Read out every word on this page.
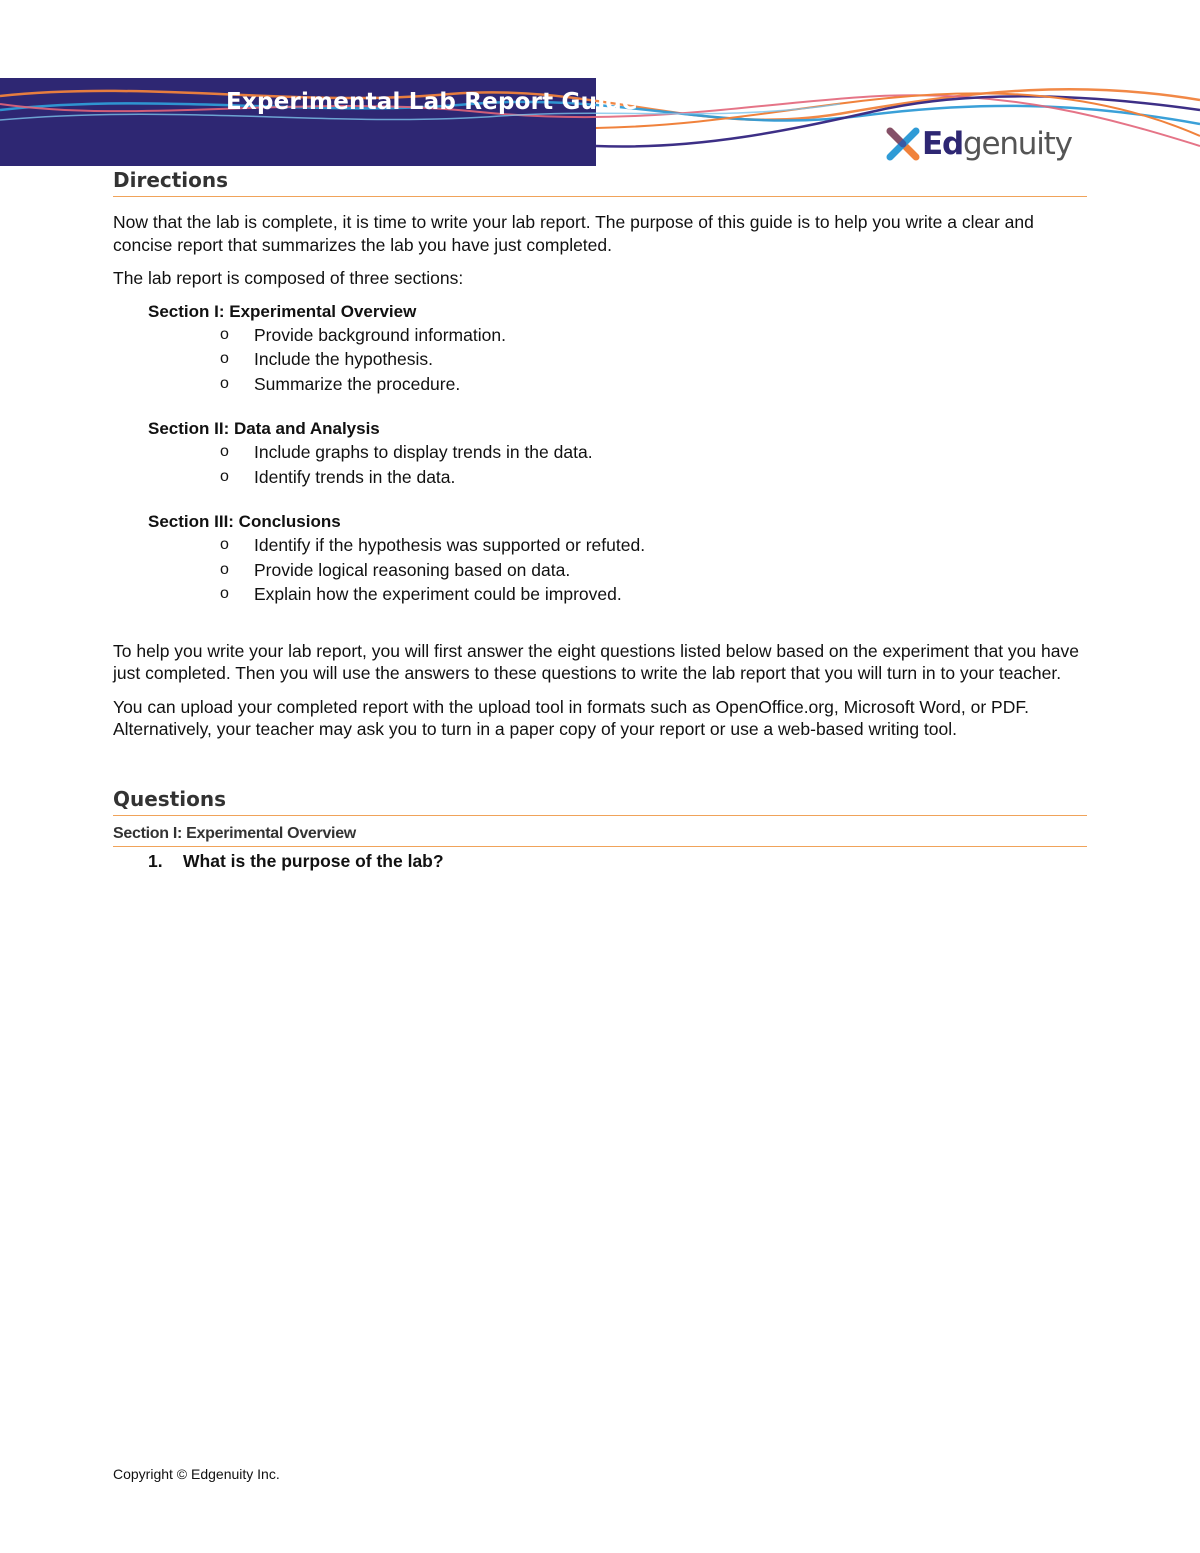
Experimental Lab Report Guide
Edgenuity
Directions

Now that the lab is complete, it is time to write your lab report. The purpose of this guide is to help you write a clear and concise report that summarizes the lab you have just completed.

The lab report is composed of three sections:

Section I: Experimental Overview

o Provide background information.
o Include the hypothesis.
o Summarize the procedure.

Section II: Data and Analysis

o Include graphs to display trends in the data.
o Identify trends in the data.

Section III: Conclusions

o Identify if the hypothesis was supported or refuted.
o Provide logical reasoning based on data.
o Explain how the experiment could be improved.

To help you write your lab report, you will first answer the eight questions listed below based on the experiment that you have just completed. Then you will use the answers to these questions to write the lab report that you will turn in to your teacher.

You can upload your completed report with the upload tool in formats such as OpenOffice.org, Microsoft Word, or PDF. Alternatively, your teacher may ask you to turn in a paper copy of your report or use a web-based writing tool.

Questions
Section I: Experimental Overview

1. What is the purpose of the lab?

Copyright © Edgenuity Inc.
